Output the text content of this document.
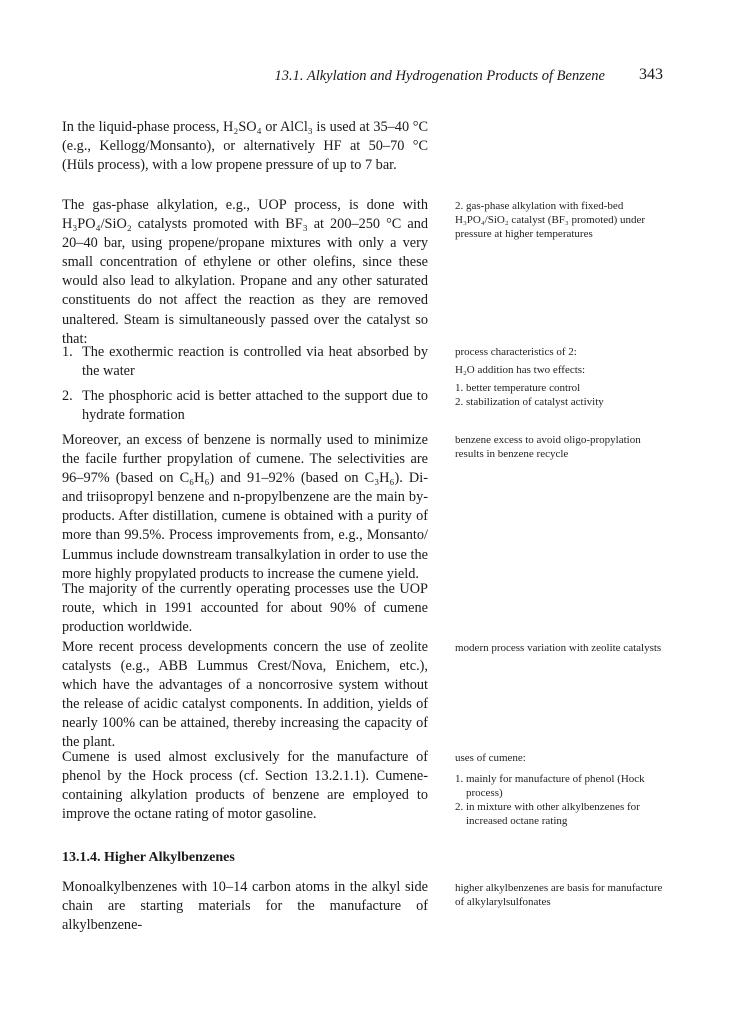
13.1. Alkylation and Hydrogenation Products of Benzene 343

In the liquid-phase process, H₂SO₄ or AlCl₃ is used at 35–40 °C (e.g., Kellogg/Monsanto), or alternatively HF at 50–70 °C (Hüls process), with a low propene pressure of up to 7 bar.

The gas-phase alkylation, e.g., UOP process, is done with H₃PO₄/SiO₂ catalysts promoted with BF₃ at 200–250 °C and 20–40 bar, using propene/propane mixtures with only a very small concentration of ethylene or other olefins, since these would also lead to alkylation. Propane and any other saturated constituents do not affect the reaction as they are removed unaltered. Steam is simultaneously passed over the catalyst so that:

1. The exothermic reaction is controlled via heat absorbed by the water
2. The phosphoric acid is better attached to the support due to hydrate formation

Moreover, an excess of benzene is normally used to minimize the facile further propylation of cumene. The selectivities are 96–97% (based on C₆H₆) and 91–92% (based on C₃H₆). Di- and triisopropyl benzene and n-propylbenzene are the main by-products. After distillation, cumene is obtained with a purity of more than 99.5%. Process improvements from, e.g., Monsanto/ Lummus include downstream transalkylation in order to use the more highly propylated products to increase the cumene yield.

The majority of the currently operating processes use the UOP route, which in 1991 accounted for about 90% of cumene production worldwide.

More recent process developments concern the use of zeolite catalysts (e.g., ABB Lummus Crest/Nova, Enichem, etc.), which have the advantages of a noncorrosive system without the release of acidic catalyst components. In addition, yields of nearly 100% can be attained, thereby increasing the capacity of the plant.

Cumene is used almost exclusively for the manufacture of phenol by the Hock process (cf. Section 13.2.1.1). Cumene-containing alkylation products of benzene are employed to improve the octane rating of motor gasoline.

13.1.4. Higher Alkylbenzenes

Monoalkylbenzenes with 10–14 carbon atoms in the alkyl side chain are starting materials for the manufacture of alkylbenzene-

2. gas-phase alkylation with fixed-bed H₃PO₄/SiO₂ catalyst (BF₃ promoted) under pressure at higher temperatures
process characteristics of 2:
H₂O addition has two effects:
1. better temperature control
2. stabilization of catalyst activity
benzene excess to avoid oligo-propylation results in benzene recycle
modern process variation with zeolite catalysts
uses of cumene:
1. mainly for manufacture of phenol (Hock process)
2. in mixture with other alkylbenzenes for increased octane rating
higher alkylbenzenes are basis for manufacture of alkylarylsulfonates
